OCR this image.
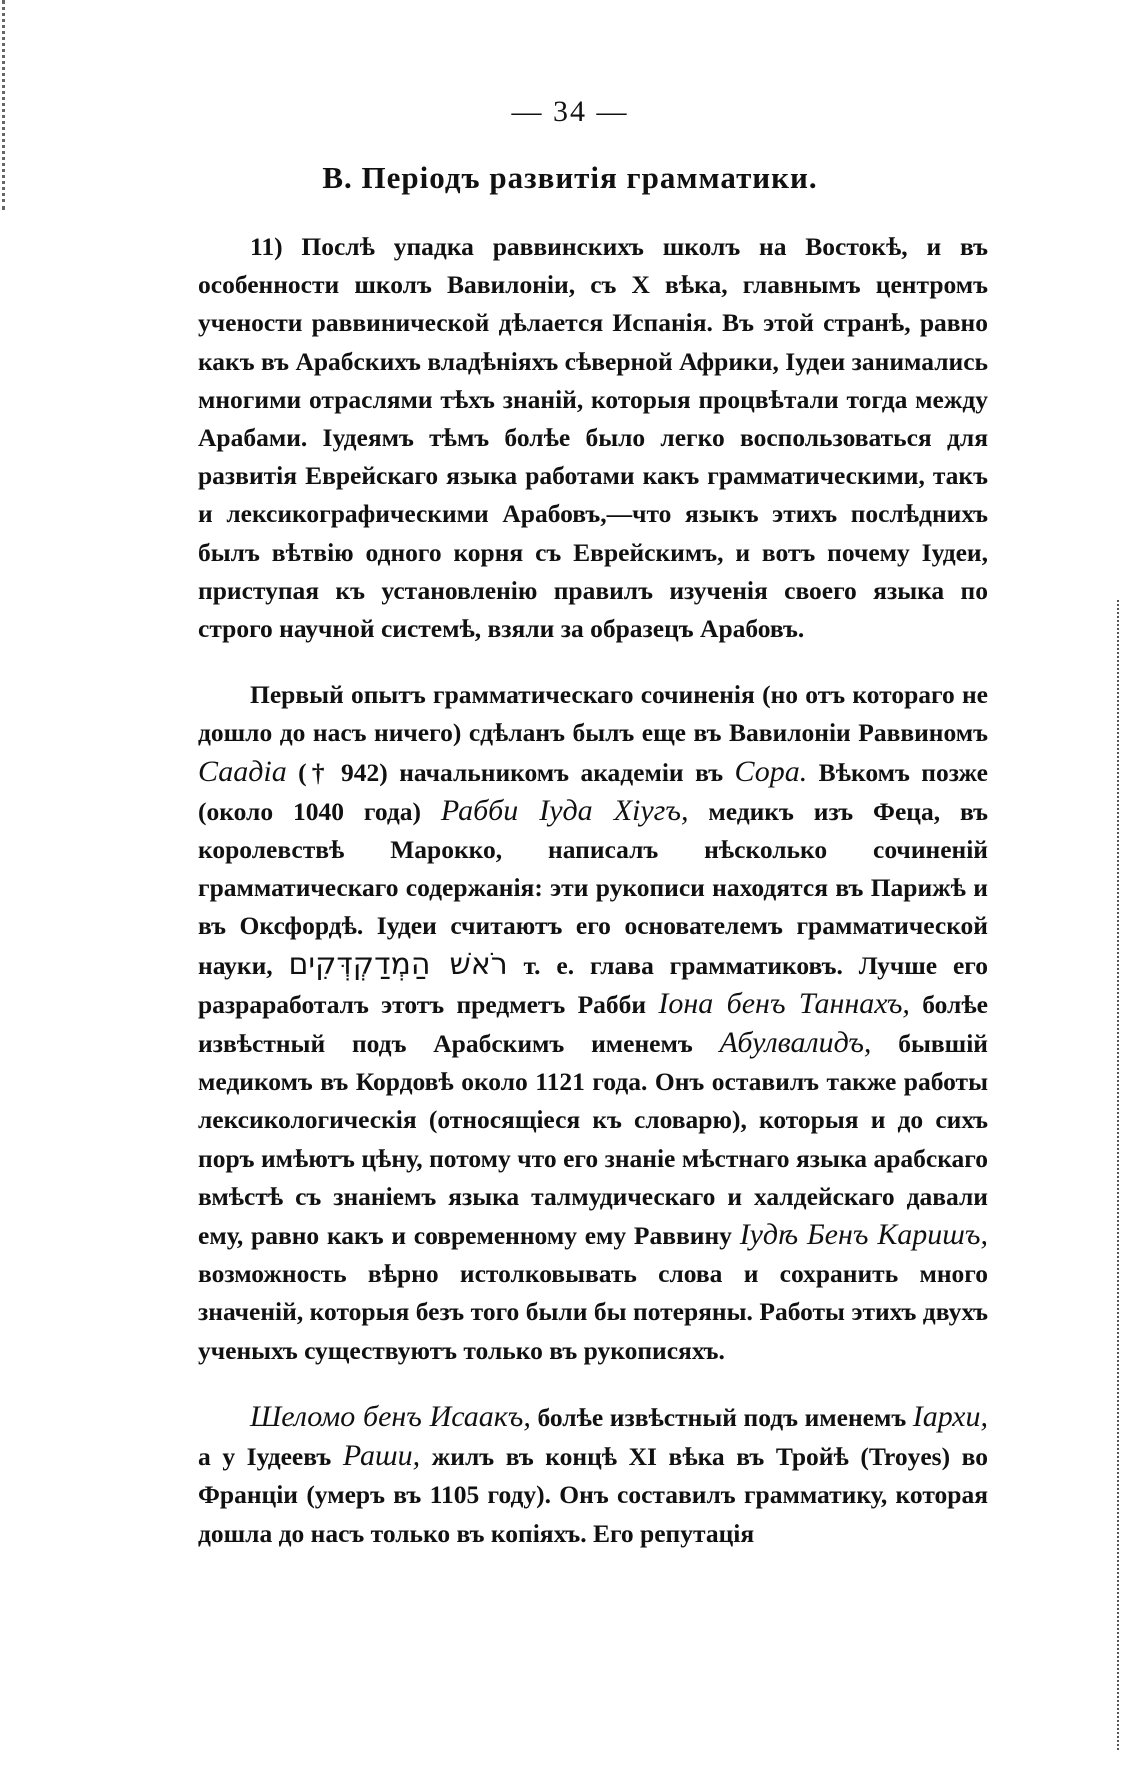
— 34 —
В. Періодъ развитія грамматики.

11) Послѣ упадка раввинскихъ школъ на Востокѣ, и въ особенности школъ Вавилоніи, съ X вѣка, главнымъ центромъ учености раввинической дѣлается Испанія. Въ этой странѣ, равно какъ въ Арабскихъ владѣніяхъ сѣверной Африки, Іудеи занимались многими отраслями тѣхъ знаній, которыя процвѣтали тогда между Арабами. Іудеямъ тѣмъ болѣе было легко воспользоваться для развитія Еврейскаго языка работами какъ грамматическими, такъ и лексикографическими Арабовъ,—что языкъ этихъ послѣднихъ былъ вѣтвію одного корня съ Еврейскимъ, и вотъ почему Іудеи, приступая къ установленію правилъ изученія своего языка по строго научной системѣ, взяли за образецъ Арабовъ.

Первый опытъ грамматическаго сочиненія (но отъ котораго не дошло до насъ ничего) сдѣланъ былъ еще въ Вавилоніи Раввиномъ Саадіа († 942) начальникомъ академіи въ Сора. Вѣкомъ позже (около 1040 года) Рабби Іуда Хіугъ, медикъ изъ Феца, въ королевствѣ Марокко, написалъ нѣсколько сочиненій грамматическаго содержанія: эти рукописи находятся въ Парижѣ и въ Оксфордѣ. Іудеи считаютъ его основателемъ грамматической науки, רֹאשׁ הַמְדַקְדְּקִים т. е. глава грамматиковъ. Лучше его разраработалъ этотъ предметъ Рабби Іона бенъ Таннахъ, болѣе извѣстный подъ Арабскимъ именемъ Абулвалидъ, бывшій медикомъ въ Кордовѣ около 1121 года. Онъ оставилъ также работы лексикологическія (относящіеся къ словарю), которыя и до сихъ поръ имѣютъ цѣну, потому что его знаніе мѣстнаго языка арабскаго вмѣстѣ съ знаніемъ языка талмудическаго и халдейскаго давали ему, равно какъ и современному ему Раввину Іудѣ Бенъ Каришъ, возможность вѣрно истолковывать слова и сохранить много значеній, которыя безъ того были бы потеряны. Работы этихъ двухъ ученыхъ существуютъ только въ рукописяхъ.

Шеломо бенъ Исаакъ, болѣе извѣстный подъ именемъ Іархи, а у Іудеевъ Раши, жилъ въ концѣ XI вѣка въ Тройѣ (Troyes) во Франціи (умеръ въ 1105 году). Онъ составилъ грамматику, которая дошла до насъ только въ копіяхъ. Его репутація
